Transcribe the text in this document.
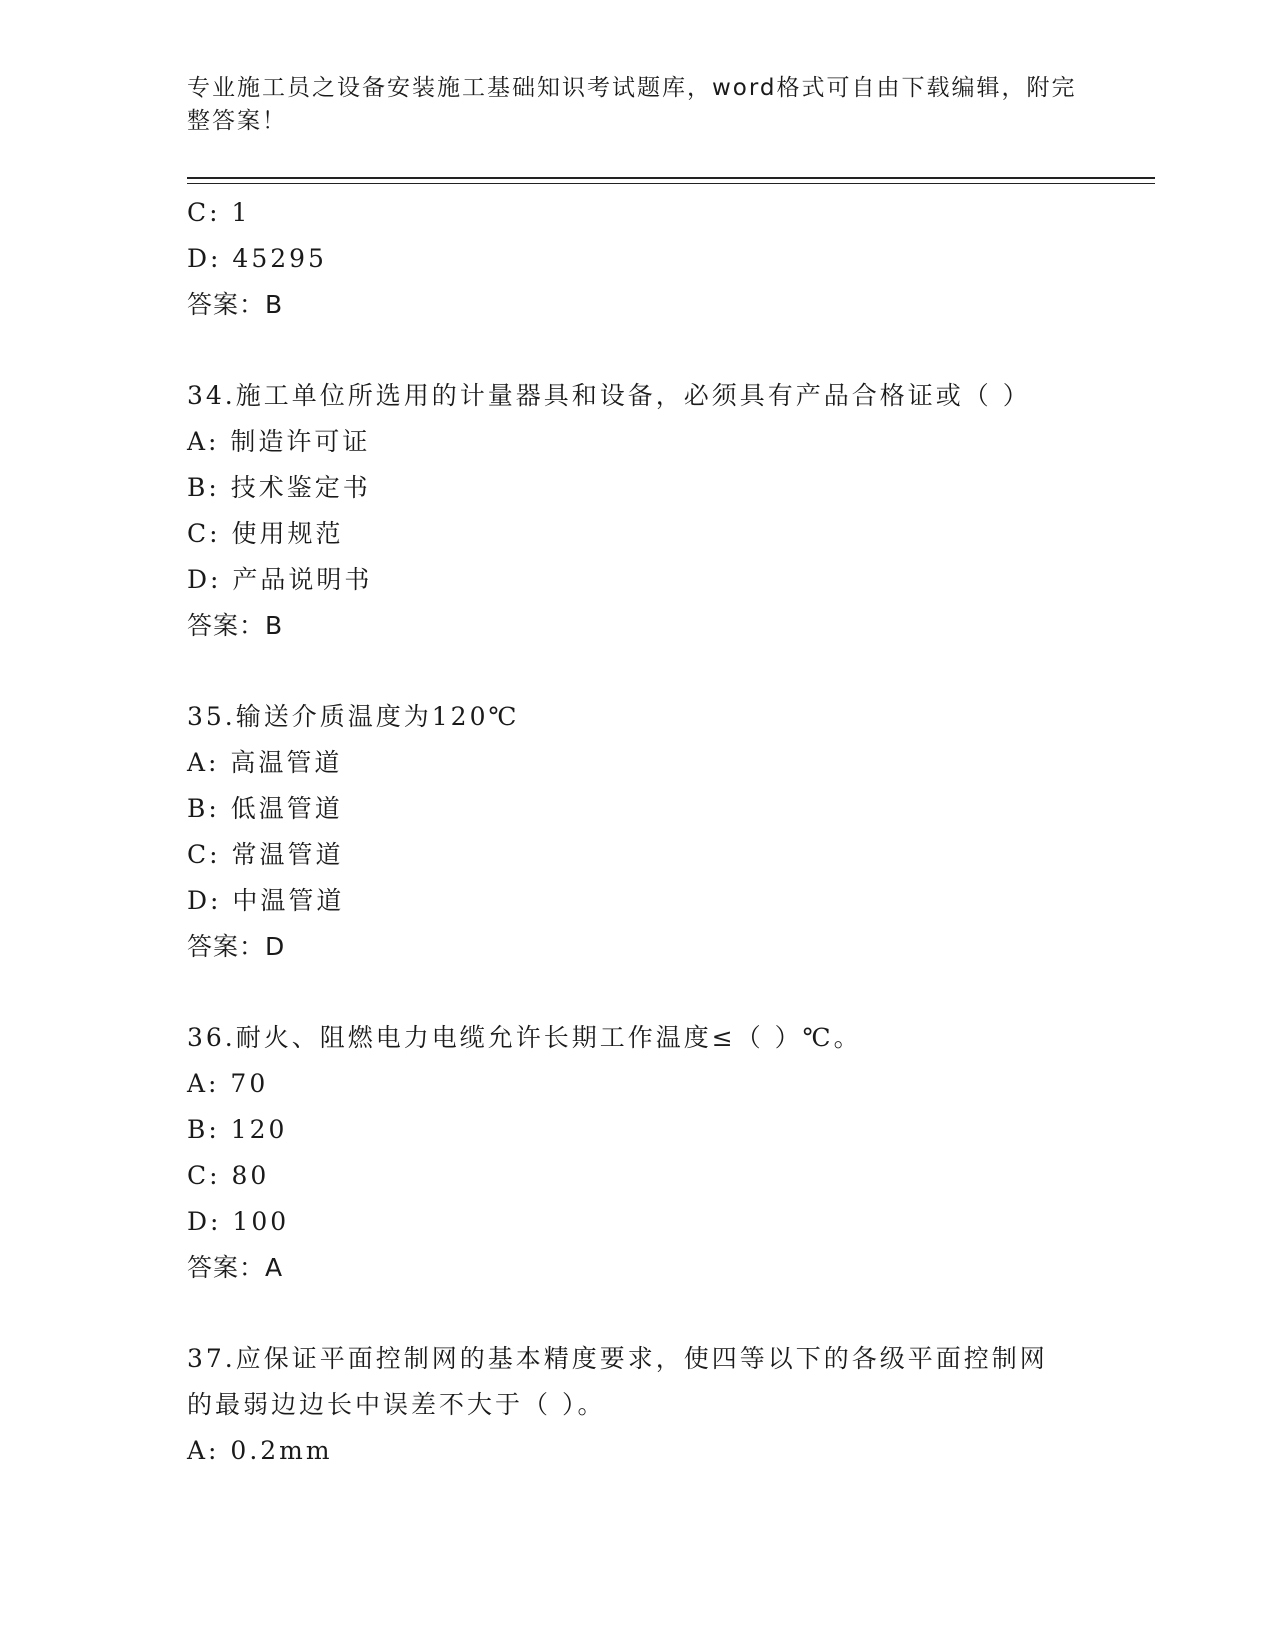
专业施工员之设备安装施工基础知识考试题库，word格式可自由下载编辑，附完
整答案！
C: 1
D: 45295
答案：B
34.施工单位所选用的计量器具和设备，必须具有产品合格证或（ ）
A: 制造许可证
B: 技术鉴定书
C: 使用规范
D: 产品说明书
答案：B
35.输送介质温度为120℃
A: 高温管道
B: 低温管道
C: 常温管道
D: 中温管道
答案：D
36.耐火、阻燃电力电缆允许长期工作温度≤（ ）℃。
A: 70
B: 120
C: 80
D: 100
答案：A
37.应保证平面控制网的基本精度要求，使四等以下的各级平面控制网
的最弱边边长中误差不大于（ ）。
A: 0.2mm
